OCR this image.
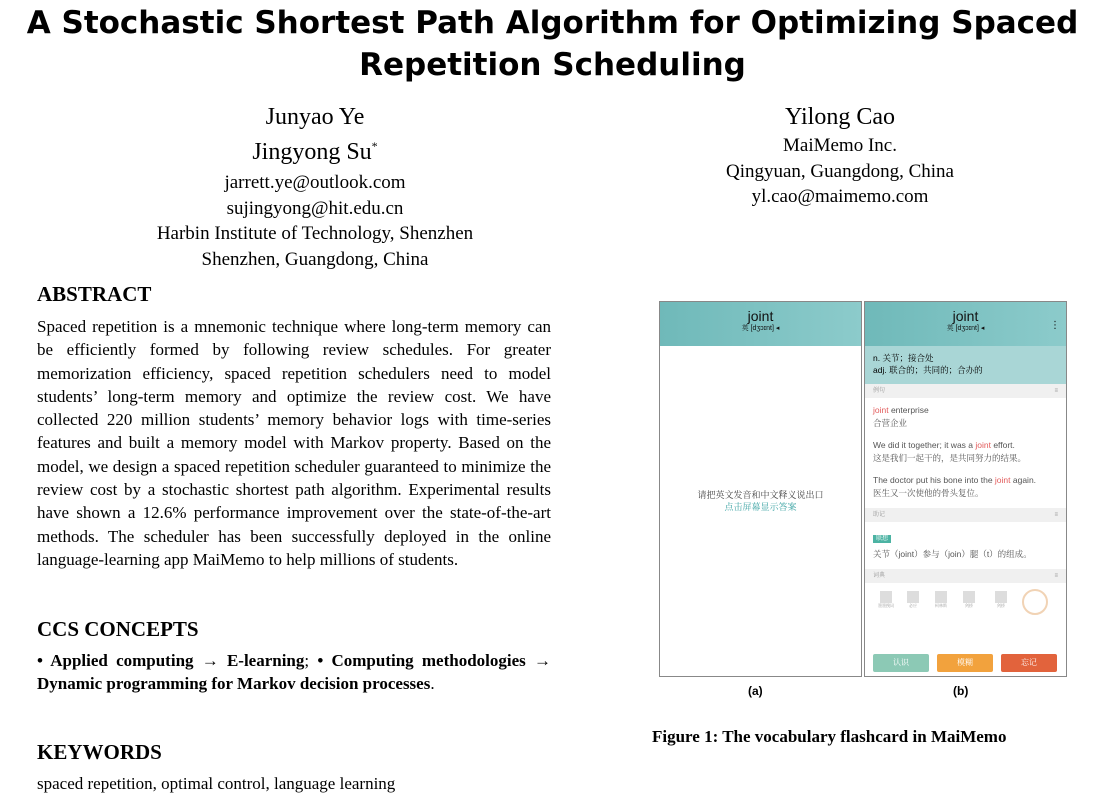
A Stochastic Shortest Path Algorithm for Optimizing Spaced Repetition Scheduling
Junyao Ye
Jingyong Su*
jarrett.ye@outlook.com
sujingyong@hit.edu.cn
Harbin Institute of Technology, Shenzhen
Shenzhen, Guangdong, China
Yilong Cao
MaiMemo Inc.
Qingyuan, Guangdong, China
yl.cao@maimemo.com
ABSTRACT
Spaced repetition is a mnemonic technique where long-term memory can be efficiently formed by following review schedules. For greater memorization efficiency, spaced repetition schedulers need to model students’ long-term memory and optimize the review cost. We have collected 220 million students’ memory behavior logs with time-series features and built a memory model with Markov property. Based on the model, we design a spaced repetition scheduler guaranteed to minimize the review cost by a stochastic shortest path algorithm. Experimental results have shown a 12.6% performance improvement over the state-of-the-art methods. The scheduler has been successfully deployed in the online language-learning app MaiMemo to help millions of students.
CCS CONCEPTS
• Applied computing → E-learning; • Computing methodologies → Dynamic programming for Markov decision processes.
KEYWORDS
spaced repetition, optimal control, language learning
joint
英 [dʒɔɪnt] ◂
请把英文发音和中文释义说出口
点击屏幕显示答案
joint
英 [dʒɔɪnt] ◂	⋮
n. 关节；接合处
adj. 联合的；共同的；合办的
例句	≡
joint enterprise
合营企业
We did it together; it was a joint effort.
这是我们一起干的，是共同努力的结果。
The doctor put his bone into the joint again.
医生又一次使他的骨头复位。
助记	≡
联想
关节（joint）参与（join）腿（t）的组成。
词典	≡
墨墨搜词	必应	柯林斯	剑桥	剑桥
认识	模糊	忘记
(a)	(b)
Figure 1: The vocabulary flashcard in MaiMemo
